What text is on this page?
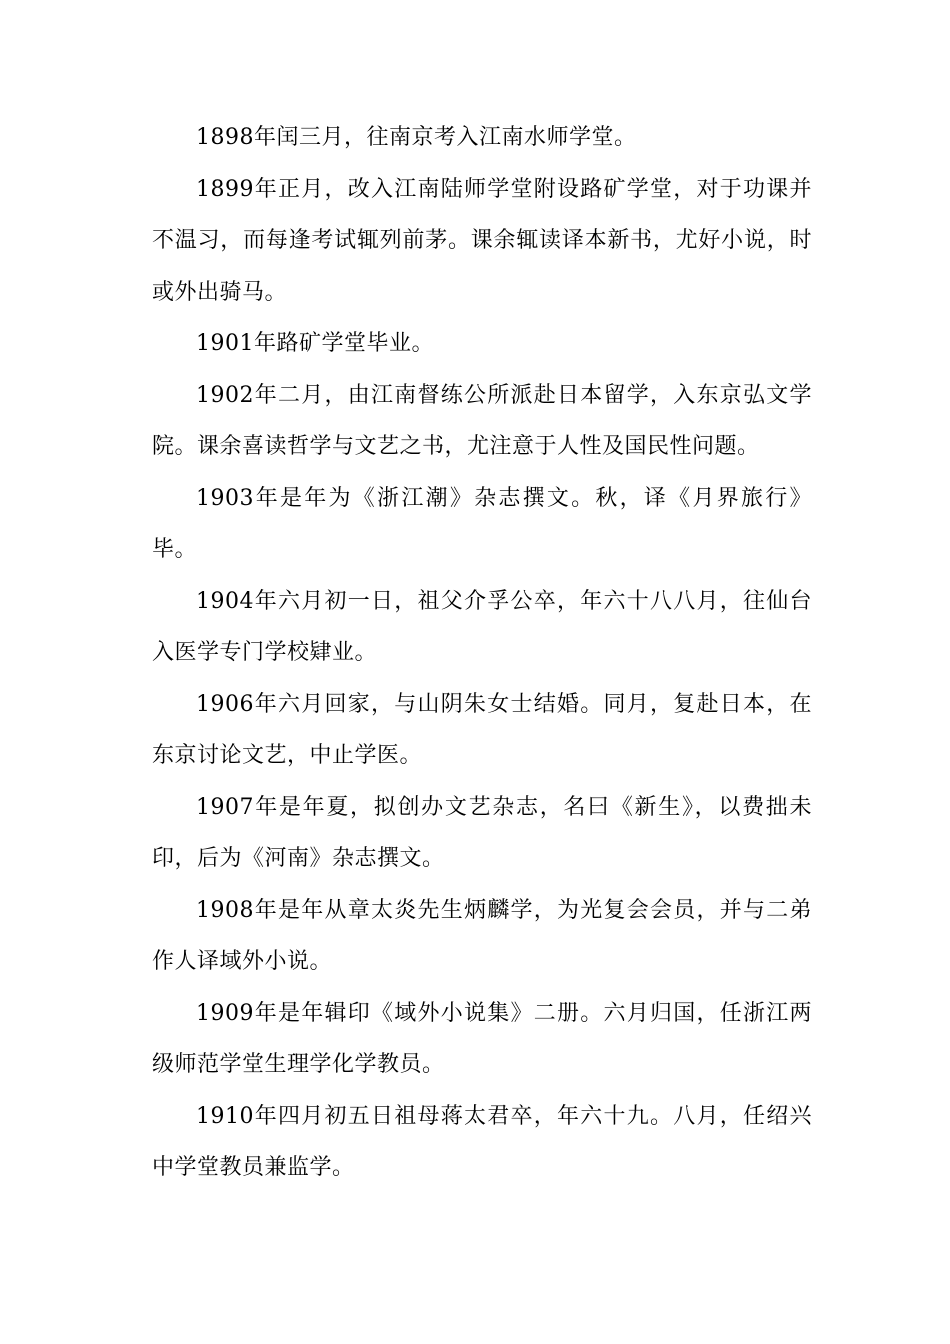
1898年闰三月，往南京考入江南水师学堂。

1899年正月，改入江南陆师学堂附设路矿学堂，对于功课并不温习，而每逢考试辄列前茅。课余辄读译本新书，尤好小说，时或外出骑马。

1901年路矿学堂毕业。

1902年二月，由江南督练公所派赴日本留学，入东京弘文学院。课余喜读哲学与文艺之书，尤注意于人性及国民性问题。

1903年是年为《浙江潮》杂志撰文。秋，译《月界旅行》毕。

1904年六月初一日，祖父介孚公卒，年六十八八月，往仙台入医学专门学校肄业。

1906年六月回家，与山阴朱女士结婚。同月，复赴日本，在东京讨论文艺，中止学医。

1907年是年夏，拟创办文艺杂志，名曰《新生》，以费拙未印，后为《河南》杂志撰文。

1908年是年从章太炎先生炳麟学，为光复会会员，并与二弟作人译域外小说。

1909年是年辑印《域外小说集》二册。六月归国，任浙江两级师范学堂生理学化学教员。

1910年四月初五日祖母蒋太君卒，年六十九。八月，任绍兴中学堂教员兼监学。
